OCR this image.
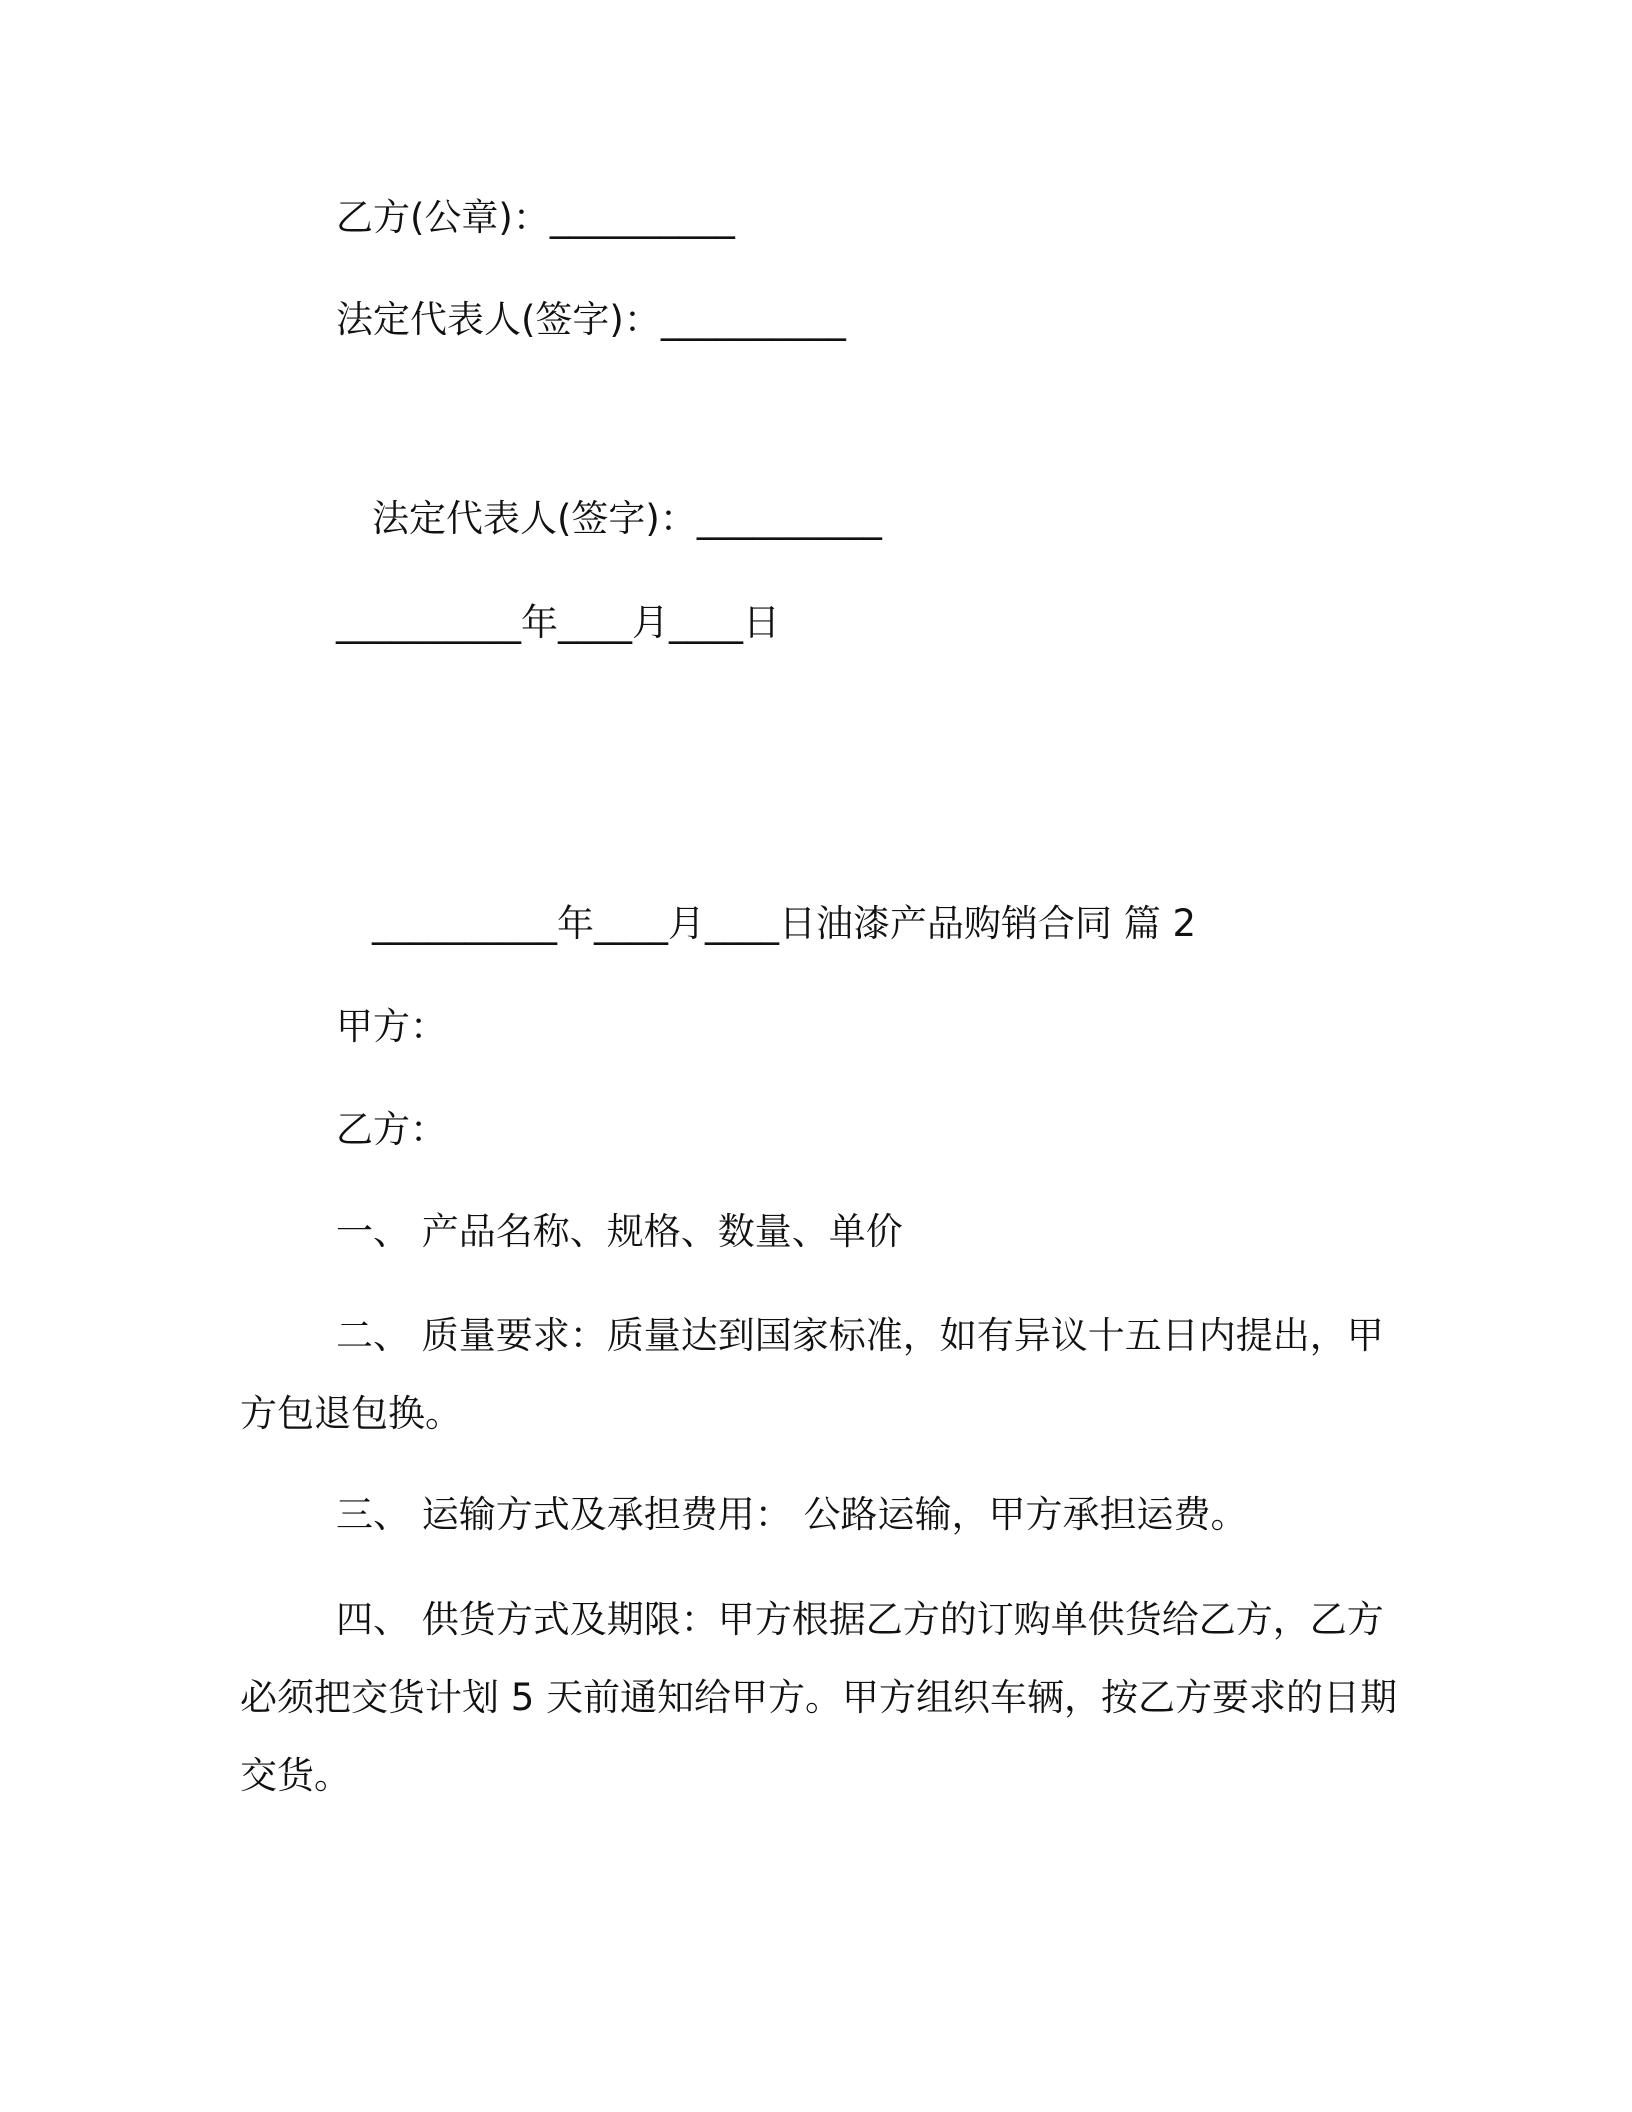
乙方(公章)：__________
法定代表人(签字)：__________
法定代表人(签字)：__________
__________年____月____日
__________年____月____日油漆产品购销合同 篇 2
甲方：
乙方：
一、 产品名称、规格、数量、单价
二、 质量要求：质量达到国家标准，如有异议十五日内提出，甲方包退包换。
三、 运输方式及承担费用： 公路运输，甲方承担运费。
四、 供货方式及期限：甲方根据乙方的订购单供货给乙方，乙方必须把交货计划 5 天前通知给甲方。甲方组织车辆，按乙方要求的日期交货。
